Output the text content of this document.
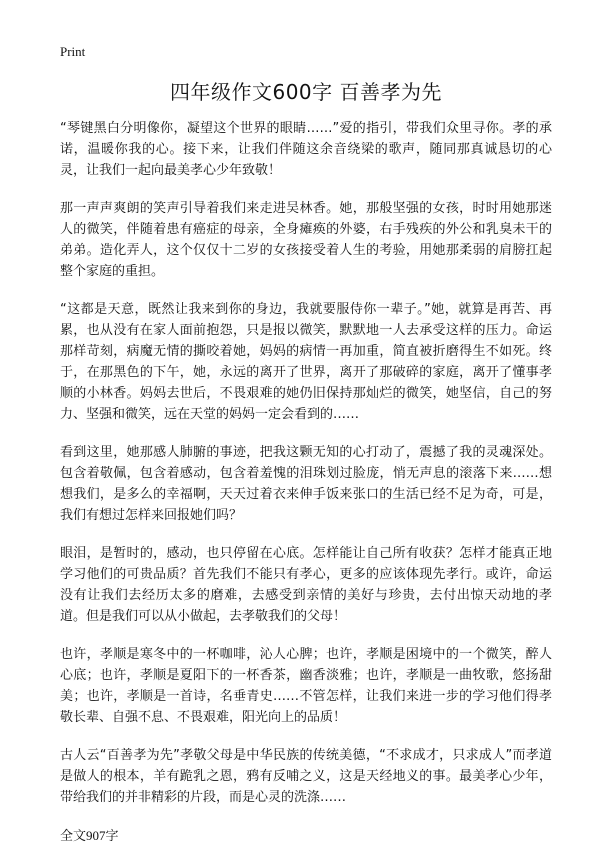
Print
四年级作文600字 百善孝为先

“琴键黑白分明像你，凝望这个世界的眼睛……”爱的指引，带我们众里寻你。孝的承诺，温暖你我的心。接下来，让我们伴随这余音绕梁的歌声，随同那真诚恳切的心灵，让我们一起向最美孝心少年致敬！

那一声声爽朗的笑声引导着我们来走进吴林香。她，那般坚强的女孩，时时用她那迷人的微笑，伴随着患有癌症的母亲，全身瘫痪的外婆，右手残疾的外公和乳臭未干的弟弟。造化弄人，这个仅仅十二岁的女孩接受着人生的考验，用她那柔弱的肩膀扛起整个家庭的重担。

“这都是天意，既然让我来到你的身边，我就要服侍你一辈子。”她，就算是再苦、再累，也从没有在家人面前抱怨，只是报以微笑，默默地一人去承受这样的压力。命运那样苛刻，病魔无情的撕咬着她，妈妈的病情一再加重，简直被折磨得生不如死。终于，在那黑色的下午，她，永远的离开了世界，离开了那破碎的家庭，离开了懂事孝顺的小林香。妈妈去世后，不畏艰难的她仍旧保持那灿烂的微笑，她坚信，自己的努力、坚强和微笑，远在天堂的妈妈一定会看到的……

看到这里，她那感人肺腑的事迹，把我这颗无知的心打动了，震撼了我的灵魂深处。包含着敬佩，包含着感动，包含着羞愧的泪珠划过脸庞，悄无声息的滚落下来……想想我们，是多么的幸福啊，天天过着衣来伸手饭来张口的生活已经不足为奇，可是，我们有想过怎样来回报她们吗？

眼泪，是暂时的，感动，也只停留在心底。怎样能让自己所有收获？怎样才能真正地学习他们的可贵品质？首先我们不能只有孝心，更多的应该体现先孝行。或许，命运没有让我们去经历太多的磨难，去感受到亲情的美好与珍贵，去付出惊天动地的孝道。但是我们可以从小做起，去孝敬我们的父母！

也许，孝顺是寒冬中的一杯咖啡，沁人心脾；也许，孝顺是困境中的一个微笑，醉人心底；也许，孝顺是夏阳下的一杯香茶，幽香淡雅；也许，孝顺是一曲牧歌，悠扬甜美；也许，孝顺是一首诗，名垂青史……不管怎样，让我们来进一步的学习他们得孝敬长辈、自强不息、不畏艰难，阳光向上的品质！

古人云“百善孝为先”孝敬父母是中华民族的传统美德，“不求成才，只求成人”而孝道是做人的根本，羊有跪乳之恩，鸦有反哺之义，这是天经地义的事。最美孝心少年，带给我们的并非精彩的片段，而是心灵的洗涤……

全文907字
